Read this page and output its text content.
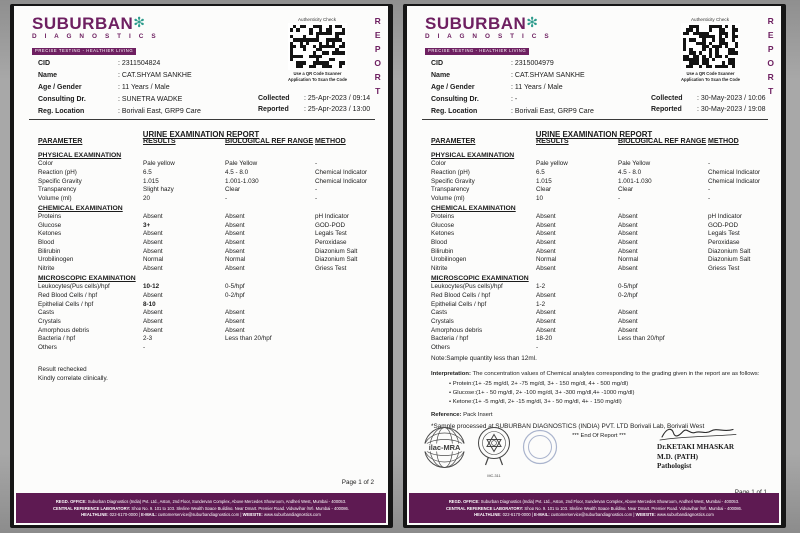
SUBURBAN✻
D I A G N O S T I C S
PRECISE TESTING - HEALTHIER LIVING
Authenticity Check
Use a QR Code Scanner
Application To Scan the Code
R
E
P
O
R
T
CID	: 2311504824
Name	: CAT.SHYAM SANKHE
Age / Gender	: 11 Years / Male
Consulting Dr.	: SUNETRA WADKE
Reg. Location	: Borivali East, GRP9 Care
Collected	: 25-Apr-2023 / 09:14
Reported	: 25-Apr-2023 / 13:00
URINE EXAMINATION REPORT
PARAMETER	RESULTS	BIOLOGICAL REF RANGE METHOD
PHYSICAL EXAMINATION
Color	Pale yellow	Pale Yellow	-
Reaction (pH)	6.5	4.5 - 8.0	Chemical Indicator
Specific Gravity	1.015	1.001-1.030	Chemical Indicator
Transparency	Slight hazy	Clear	-
Volume (ml)	20	-	-
CHEMICAL EXAMINATION
Proteins	Absent	Absent	pH Indicator
Glucose	3+	Absent	GOD-POD
Ketones	Absent	Absent	Legals Test
Blood	Absent	Absent	Peroxidase
Bilirubin	Absent	Absent	Diazonium Salt
Urobilinogen	Normal	Normal	Diazonium Salt
Nitrite	Absent	Absent	Griess Test
MICROSCOPIC EXAMINATION
Leukocytes(Pus cells)/hpf	10-12	0-5/hpf
Red Blood Cells / hpf	Absent	0-2/hpf
Epithelial Cells / hpf	8-10
Casts	Absent	Absent
Crystals	Absent	Absent
Amorphous debris	Absent	Absent
Bacteria / hpf	2-3	Less than 20/hpf
Others	-
Result rechecked
Kindly correlate clinically.
Page 1 of 2
REGD. OFFICE: Suburban Diagnostics (India) Pvt. Ltd., Aston, 2nd Floor, Sundervan Complex, Above Mercedes Showroom, Andheri West, Mumbai - 400053.
CENTRAL REFERENCE LABORATORY: Shop No. 9, 101 to 103, Skyline Wealth Space Building, Near Dmart, Premier Road, Vidyavihar (W), Mumbai - 400086.
HEALTHLINE: 022-6170-0000 | E-MAIL: customerservice@suburbandiagnostics.com | WEBSITE: www.suburbandiagnostics.com
SUBURBAN✻
D I A G N O S T I C S
PRECISE TESTING - HEALTHIER LIVING
Authenticity Check
Use a QR Code Scanner
Application To Scan the Code
R
E
P
O
R
T
CID	: 2315004979
Name	: CAT.SHYAM SANKHE
Age / Gender	: 11 Years / Male
Consulting Dr.	: -
Reg. Location	: Borivali East, GRP9 Care
Collected	: 30-May-2023 / 10:06
Reported	: 30-May-2023 / 19:08
URINE EXAMINATION REPORT
PARAMETER	RESULTS	BIOLOGICAL REF RANGE METHOD
PHYSICAL EXAMINATION
Color	Pale yellow	Pale Yellow	-
Reaction (pH)	6.5	4.5 - 8.0	Chemical Indicator
Specific Gravity	1.015	1.001-1.030	Chemical Indicator
Transparency	Clear	Clear	-
Volume (ml)	10	-	-
CHEMICAL EXAMINATION
Proteins	Absent	Absent	pH Indicator
Glucose	Absent	Absent	GOD-POD
Ketones	Absent	Absent	Legals Test
Blood	Absent	Absent	Peroxidase
Bilirubin	Absent	Absent	Diazonium Salt
Urobilinogen	Normal	Normal	Diazonium Salt
Nitrite	Absent	Absent	Griess Test
MICROSCOPIC EXAMINATION
Leukocytes(Pus cells)/hpf	1-2	0-5/hpf
Red Blood Cells / hpf	Absent	0-2/hpf
Epithelial Cells / hpf	1-2
Casts	Absent	Absent
Crystals	Absent	Absent
Amorphous debris	Absent	Absent
Bacteria / hpf	18-20	Less than 20/hpf
Others	-
Note:Sample quantity less than 12ml.
Interpretation: The concentration values of Chemical analytes corresponding to the grading given in the report are as follows:
• Protein:(1+ -25 mg/dl, 2+ -75 mg/dl, 3+ - 150 mg/dl, 4+ - 500 mg/dl)
• Glucose:(1+ - 50 mg/dl, 2+ -100 mg/dl, 3+ -300 mg/dl,4+ -1000 mg/dl)
• Ketone:(1+ -5 mg/dl, 2+ -15 mg/dl, 3+ - 50 mg/dl, 4+ - 150 mg/dl)
Reference: Pack Insert
*Sample processed at SUBURBAN DIAGNOSTICS (INDIA) PVT. LTD Borivali Lab, Borivali West
*** End Of Report ***
ilac-MRA
MC-311
Dr.KETAKI MHASKAR
M.D. (PATH)
Pathologist
REGD. OFFICE: Suburban Diagnostics (India) Pvt. Ltd., Aston, 2nd Floor, Sundervan Complex, Above Mercedes Showroom, Andheri West, Mumbai - 400053.
CENTRAL REFERENCE LABORATORY: Shop No. 9, 101 to 103, Skyline Wealth Space Building, Near Dmart, Premier Road, Vidyavihar (W), Mumbai - 400086.
HEALTHLINE: 022-6170-0000 | E-MAIL: customerservice@suburbandiagnostics.com | WEBSITE: www.suburbandiagnostics.com
